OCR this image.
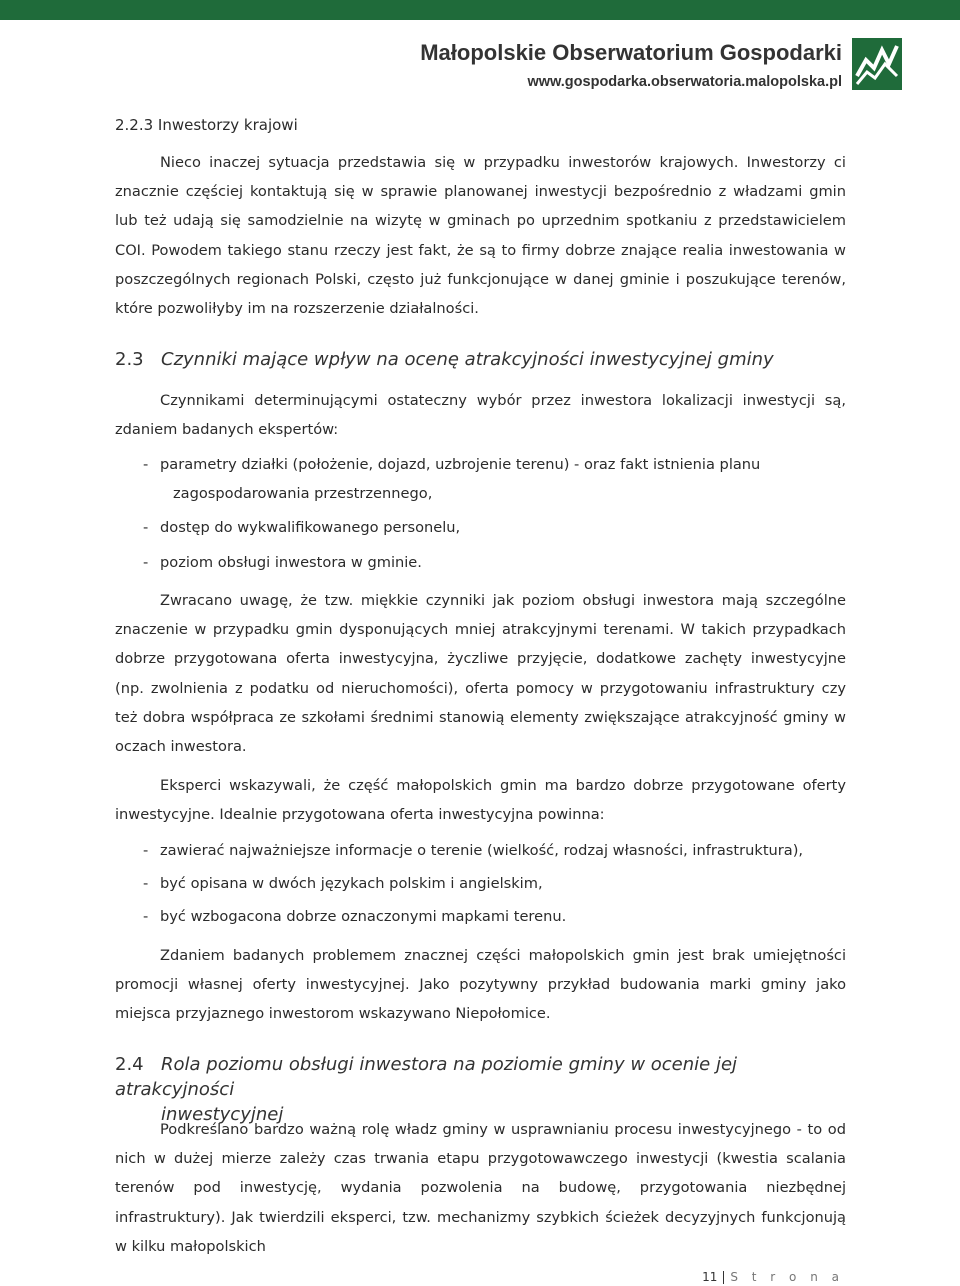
Małopolskie Obserwatorium Gospodarki
www.gospodarka.obserwatoria.malopolska.pl

2.2.3 Inwestorzy krajowi

Nieco inaczej sytuacja przedstawia się w przypadku inwestorów krajowych. Inwestorzy ci znacznie częściej kontaktują się w sprawie planowanej inwestycji bezpośrednio z władzami gmin lub też udają się samodzielnie na wizytę w gminach po uprzednim spotkaniu z przedstawicielem COI. Powodem takiego stanu rzeczy jest fakt, że są to firmy dobrze znające realia inwestowania w poszczególnych regionach Polski, często już funkcjonujące w danej gminie i poszukujące terenów, które pozwoliłyby im na rozszerzenie działalności.

2.3 Czynniki mające wpływ na ocenę atrakcyjności inwestycyjnej gminy

Czynnikami determinującymi ostateczny wybór przez inwestora lokalizacji inwestycji są, zdaniem badanych ekspertów:

- parametry działki (położenie, dojazd, uzbrojenie terenu) - oraz fakt istnienia planu
zagospodarowania przestrzennego,
- dostęp do wykwalifikowanego personelu,
- poziom obsługi inwestora w gminie.

Zwracano uwagę, że tzw. miękkie czynniki jak poziom obsługi inwestora mają szczególne znaczenie w przypadku gmin dysponujących mniej atrakcyjnymi terenami. W takich przypadkach dobrze przygotowana oferta inwestycyjna, życzliwe przyjęcie, dodatkowe zachęty inwestycyjne (np. zwolnienia z podatku od nieruchomości), oferta pomocy w przygotowaniu infrastruktury czy też dobra współpraca ze szkołami średnimi stanowią elementy zwiększające atrakcyjność gminy w oczach inwestora.

Eksperci wskazywali, że część małopolskich gmin ma bardzo dobrze przygotowane oferty inwestycyjne. Idealnie przygotowana oferta inwestycyjna powinna:

- zawierać najważniejsze informacje o terenie (wielkość, rodzaj własności, infrastruktura),
- być opisana w dwóch językach polskim i angielskim,
- być wzbogacona dobrze oznaczonymi mapkami terenu.

Zdaniem badanych problemem znacznej części małopolskich gmin jest brak umiejętności promocji własnej oferty inwestycyjnej. Jako pozytywny przykład budowania marki gminy jako miejsca przyjaznego inwestorom wskazywano Niepołomice.

2.4 Rola poziomu obsługi inwestora na poziomie gminy w ocenie jej atrakcyjności
inwestycyjnej

Podkreślano bardzo ważną rolę władz gminy w usprawnianiu procesu inwestycyjnego - to od nich w dużej mierze zależy czas trwania etapu przygotowawczego inwestycji (kwestia scalania terenów pod inwestycję, wydania pozwolenia na budowę, przygotowania niezbędnej infrastruktury). Jak twierdzili eksperci, tzw. mechanizmy szybkich ścieżek decyzyjnych funkcjonują w kilku małopolskich

11 S t r o n a
